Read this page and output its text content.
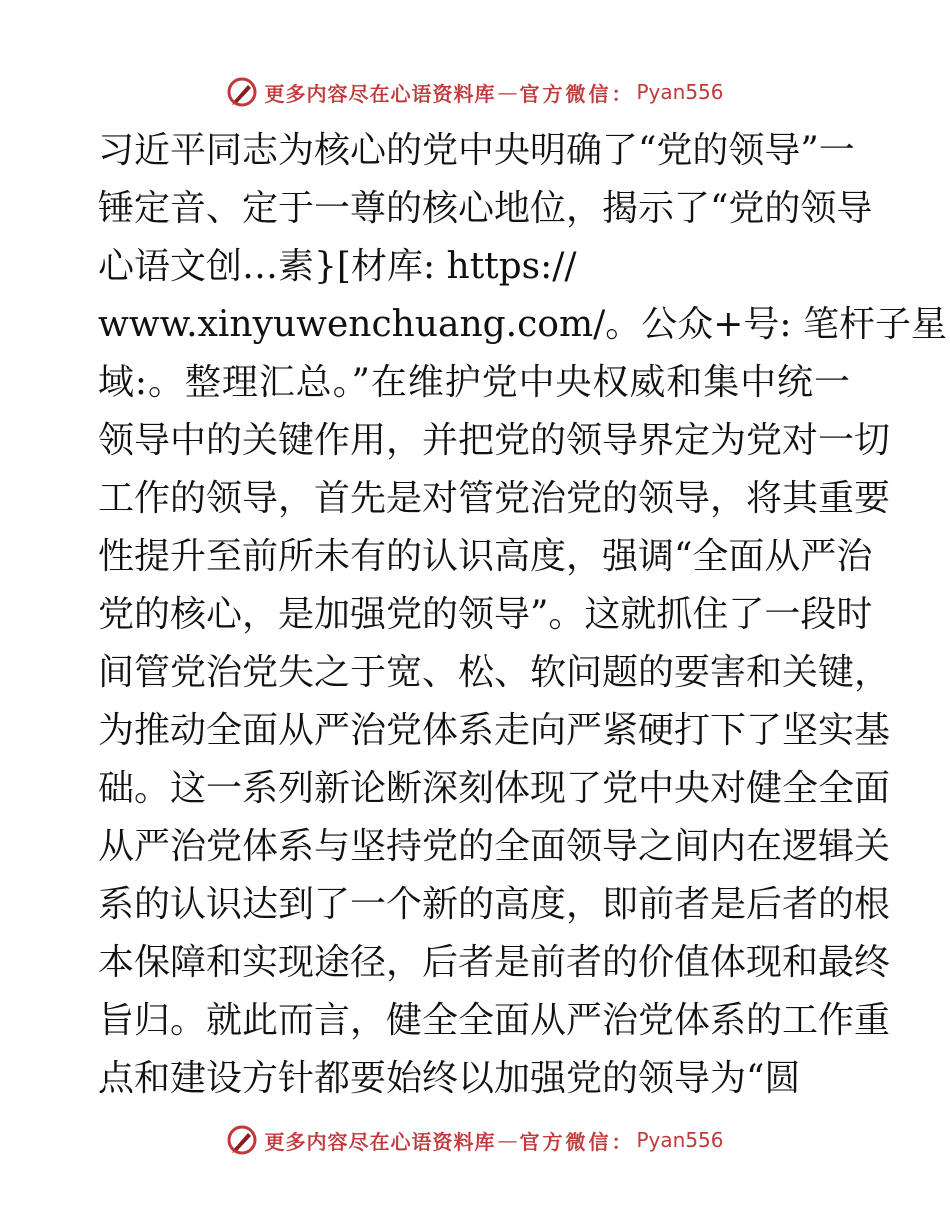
更多内容尽在心语资料库 — 官方微信： Pyan556
习近平同志为核心的党中央明确了“党的领导”一
锤定音、定于一尊的核心地位，揭示了“党的领导
心语文创…素}[材库: https://
www.xinyuwenchuang.com/。公众+号: 笔杆子星
域:。整理汇总。”在维护党中央权威和集中统一
领导中的关键作用，并把党的领导界定为党对一切
工作的领导，首先是对管党治党的领导，将其重要
性提升至前所未有的认识高度，强调“全面从严治
党的核心，是加强党的领导”。这就抓住了一段时
间管党治党失之于宽、松、软问题的要害和关键，
为推动全面从严治党体系走向严紧硬打下了坚实基
础。这一系列新论断深刻体现了党中央对健全全面
从严治党体系与坚持党的全面领导之间内在逻辑关
系的认识达到了一个新的高度，即前者是后者的根
本保障和实现途径，后者是前者的价值体现和最终
旨归。就此而言，健全全面从严治党体系的工作重
点和建设方针都要始终以加强党的领导为“圆
更多内容尽在心语资料库 — 官方微信： Pyan556
